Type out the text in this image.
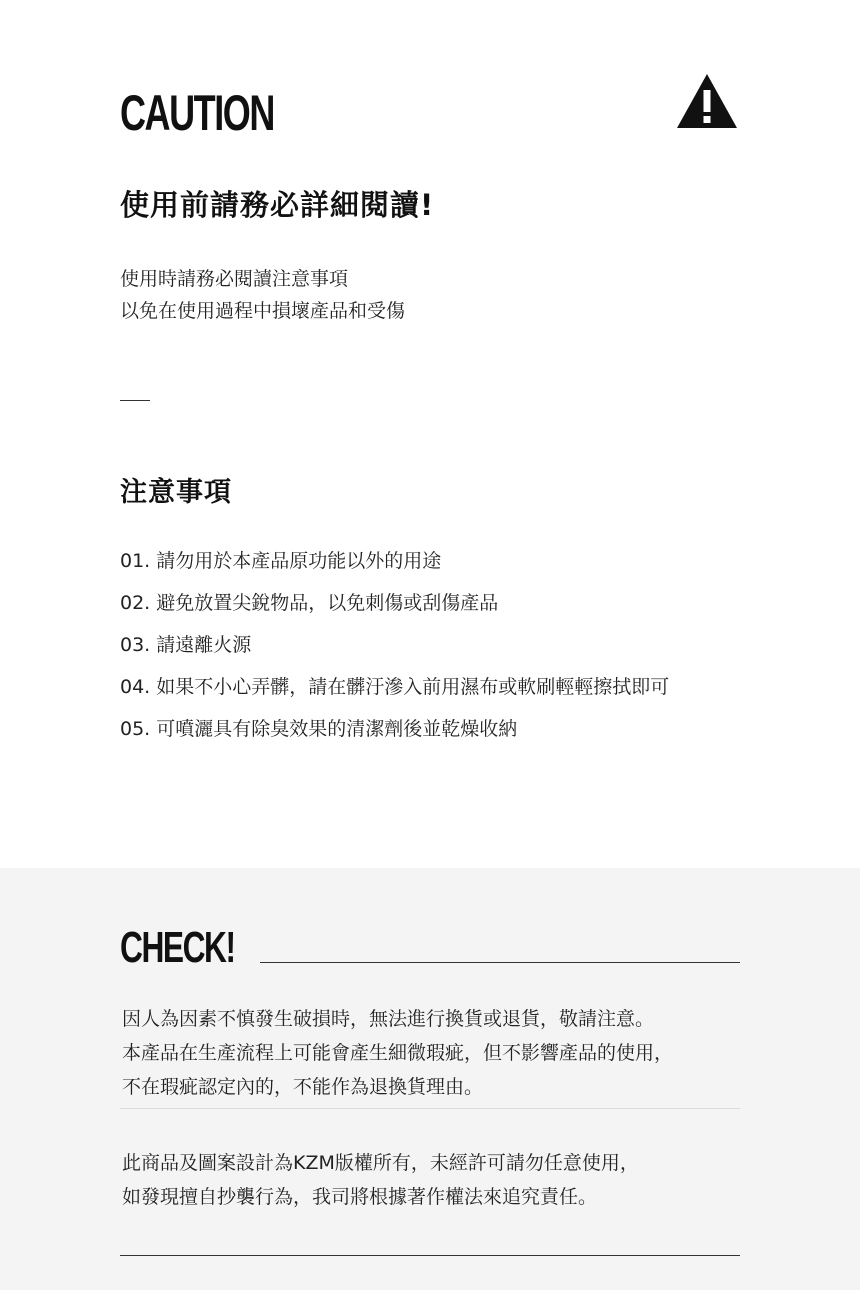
CAUTION
使用前請務必詳細閱讀!
使用時請務必閱讀注意事項
以免在使用過程中損壞產品和受傷
注意事項
01. 請勿用於本產品原功能以外的用途
02. 避免放置尖銳物品，以免刺傷或刮傷產品
03. 請遠離火源
04. 如果不小心弄髒，請在髒汙滲入前用濕布或軟刷輕輕擦拭即可
05. 可噴灑具有除臭效果的清潔劑後並乾燥收納
CHECK!
因人為因素不慎發生破損時，無法進行換貨或退貨，敬請注意。
本產品在生產流程上可能會產生細微瑕疵，但不影響產品的使用，
不在瑕疵認定內的，不能作為退換貨理由。
此商品及圖案設計為KZM版權所有，未經許可請勿任意使用，
如發現擅自抄襲行為，我司將根據著作權法來追究責任。
